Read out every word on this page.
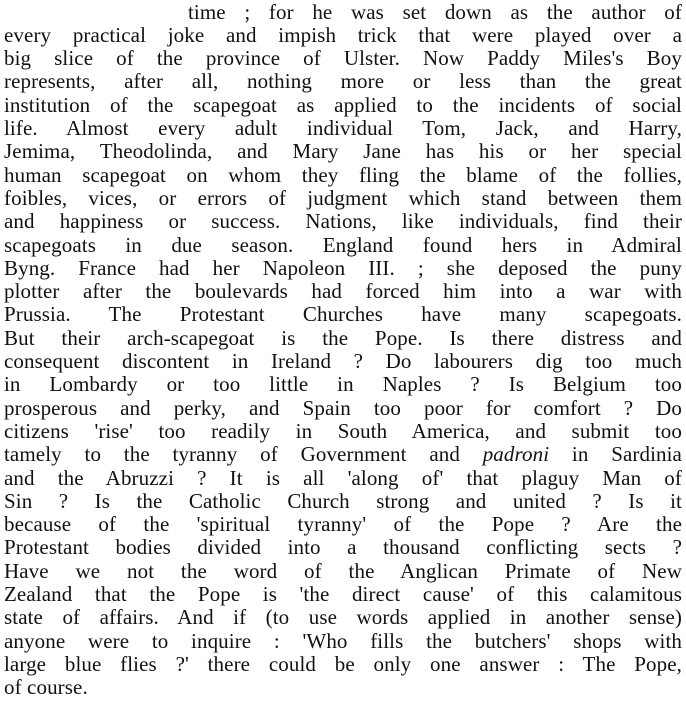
time ; for he was set down as the author of
every practical joke and impish trick that were played over a
big slice of the province of Ulster. Now Paddy Miles's Boy
represents, after all, nothing more or less than the great
institution of the scapegoat as applied to the incidents of social
life. Almost every adult individual Tom, Jack, and Harry,
Jemima, Theodolinda, and Mary Jane has his or her special
human scapegoat on whom they fling the blame of the follies,
foibles, vices, or errors of judgment which stand between them
and happiness or success. Nations, like individuals, find their
scapegoats in due season. England found hers in Admiral
Byng. France had her Napoleon III. ; she deposed the puny
plotter after the boulevards had forced him into a war with
Prussia. The Protestant Churches have many scapegoats.
But their arch-scapegoat is the Pope. Is there distress and
consequent discontent in Ireland ? Do labourers dig too much
in Lombardy or too little in Naples ? Is Belgium too
prosperous and perky, and Spain too poor for comfort ? Do
citizens 'rise' too readily in South America, and submit too
tamely to the tyranny of Government and padroni in Sardinia
and the Abruzzi ? It is all 'along of' that plaguy Man of
Sin ? Is the Catholic Church strong and united ? Is it
because of the 'spiritual tyranny' of the Pope ? Are the
Protestant bodies divided into a thousand conflicting sects ?
Have we not the word of the Anglican Primate of New
Zealand that the Pope is 'the direct cause' of this calamitous
state of affairs. And if (to use words applied in another sense)
anyone were to inquire : 'Who fills the butchers' shops with
large blue flies ?' there could be only one answer : The Pope,
of course.
